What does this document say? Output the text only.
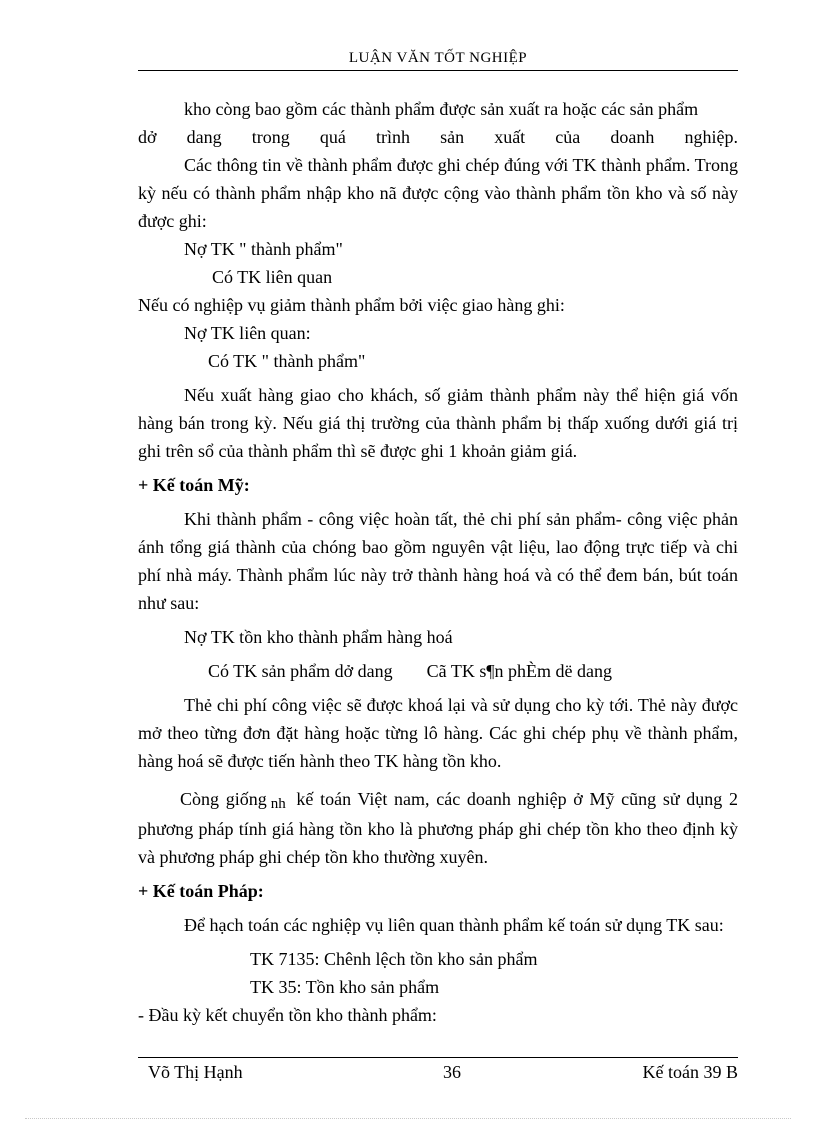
LUẬN VĂN TỐT NGHIỆP

kho còng bao gồm các thành phẩm được sản xuất ra hoặc các sản phẩm

dở dang trong quá trình sản xuất của doanh nghiệp.

Các thông tin về thành phẩm được ghi chép đúng với TK thành phẩm. Trong kỳ nếu có thành phẩm nhập kho nã được cộng vào thành phẩm tồn kho và số này được ghi:

Nợ TK " thành phẩm"

Có TK liên quan

Nếu có nghiệp vụ giảm thành phẩm bởi việc giao hàng ghi:

Nợ TK liên quan:

Có TK " thành phẩm"

Nếu xuất hàng giao cho khách, số giảm thành phẩm này thể hiện giá vốn hàng bán trong kỳ. Nếu giá thị trường của thành phẩm bị thấp xuống dưới giá trị ghi trên sổ của thành phẩm thì sẽ được ghi 1 khoản giảm giá.

+ Kế toán Mỹ:

Khi thành phẩm - công việc hoàn tất, thẻ chi phí sản phẩm- công việc phản ánh tổng giá thành của chóng bao gồm nguyên vật liệu, lao động trực tiếp và chi phí nhà máy. Thành phẩm lúc này trở thành hàng hoá và có thể đem bán, bút toán như sau:

Nợ TK tồn kho thành phẩm hàng hoá

Có TK sản phẩm dở dang Cã TK s¶n phÈm dë dang

Thẻ chi phí công việc sẽ được khoá lại và sử dụng cho kỳ tới. Thẻ này được mở theo từng đơn đặt hàng hoặc từng lô hàng. Các ghi chép phụ về thành phẩm, hàng hoá sẽ được tiến hành theo TK hàng tồn kho.

Còng giống nh kế toán Việt nam, các doanh nghiệp ở Mỹ cũng sử dụng 2 phương pháp tính giá hàng tồn kho là phương pháp ghi chép tồn kho theo định kỳ và phương pháp ghi chép tồn kho thường xuyên.

+ Kế toán Pháp:

Để hạch toán các nghiệp vụ liên quan thành phẩm kế toán sử dụng TK sau:

TK 7135: Chênh lệch tồn kho sản phẩm

TK 35: Tồn kho sản phẩm

- Đầu kỳ kết chuyển tồn kho thành phẩm:

Võ Thị Hạnh	36	Kế toán 39 B
